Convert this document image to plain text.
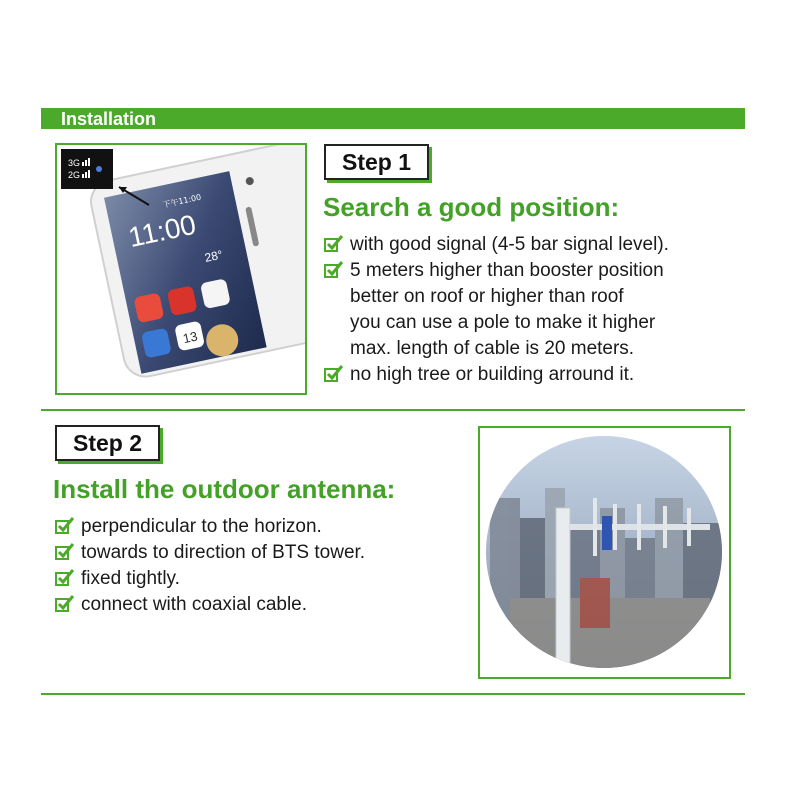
Installation
13
11:00
下午11:00
28°
3G
2G	Step 1
Search a good position:
with good signal (4-5 bar signal level).
5 meters higher than booster position
better on roof or higher than roof
you can use a pole to make it higher
max. length of cable is 20 meters.
no high tree or building arround it.
Step 2
Install the outdoor antenna:
perpendicular to the horizon.
towards to direction of BTS tower.
fixed tightly.
connect with coaxial cable.
